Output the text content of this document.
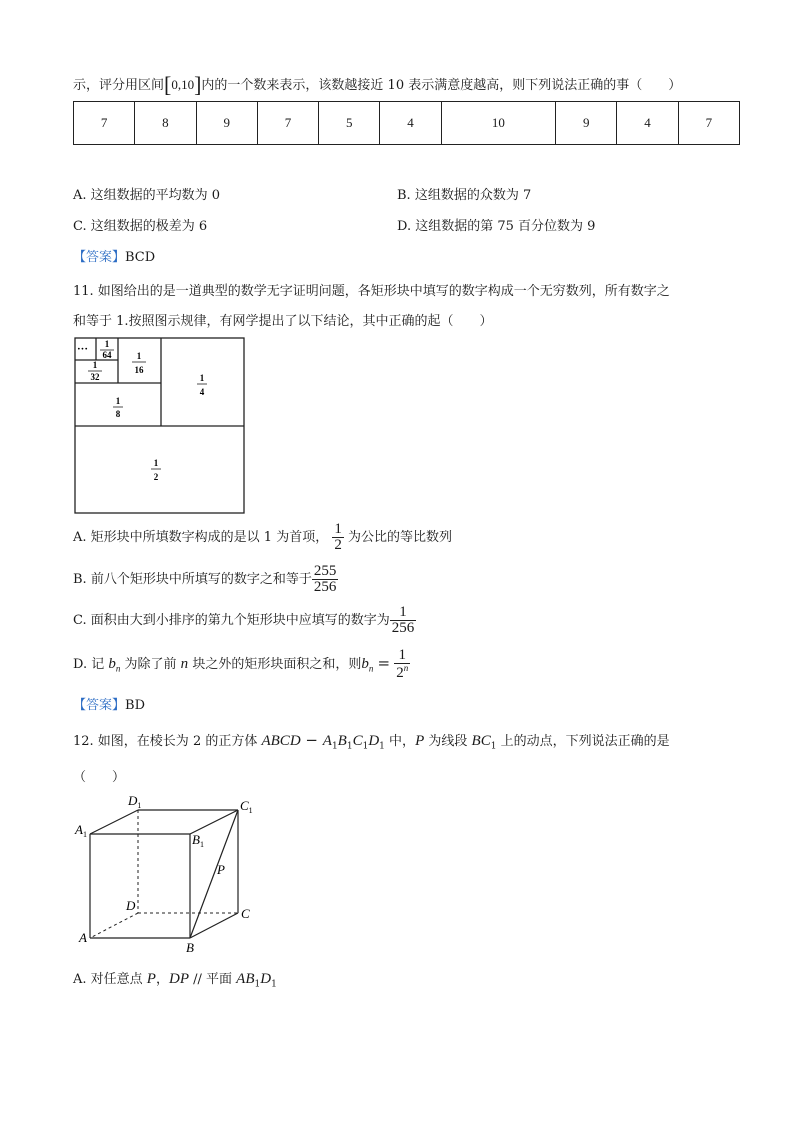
示，评分用区间[0,10]内的一个数来表示，该数越接近 10 表示满意度越高，则下列说法正确的事（　　）
7	8	9	7	5	4	10	9	4	7
A. 这组数据的平均数为 0	B. 这组数据的众数为 7
C. 这组数据的极差为 6	D. 这组数据的第 75 百分位数为 9
【答案】BCD
11. 如图给出的是一道典型的数学无字证明问题，各矩形块中填写的数字构成一个无穷数列，所有数字之
和等于 1.按照图示规律，有网学提出了以下结论，其中正确的起（　　）
··· 1
64	1
16
1
32	1
4
1
8
1
2
A. 矩形块中所填数字构成的是以 1 为首项， $\frac{1}{2}$ 为公比的等比数列
B. 前八个矩形块中所填写的数字之和等于 $\frac{255}{256}$
C. 面积由大到小排序的第九个矩形块中应填写的数字为 $\frac{1}{256}$
D. 记 $b_n$ 为除了前 n 块之外的矩形块面积之和，则$b_n = \frac{1}{2^n}$
【答案】BD
12. 如图，在棱长为 2 的正方体 ABCD − $A_1B_1C_1D_1$ 中，P 为线段 $BC_1$ 上的动点，下列说法正确的是
（　　）
$D_1$	$C_1$
$A_1$	$B_1$
P
D
C
A
B
A. 对任意点 P，DP // 平面 $AB_1D_1$
